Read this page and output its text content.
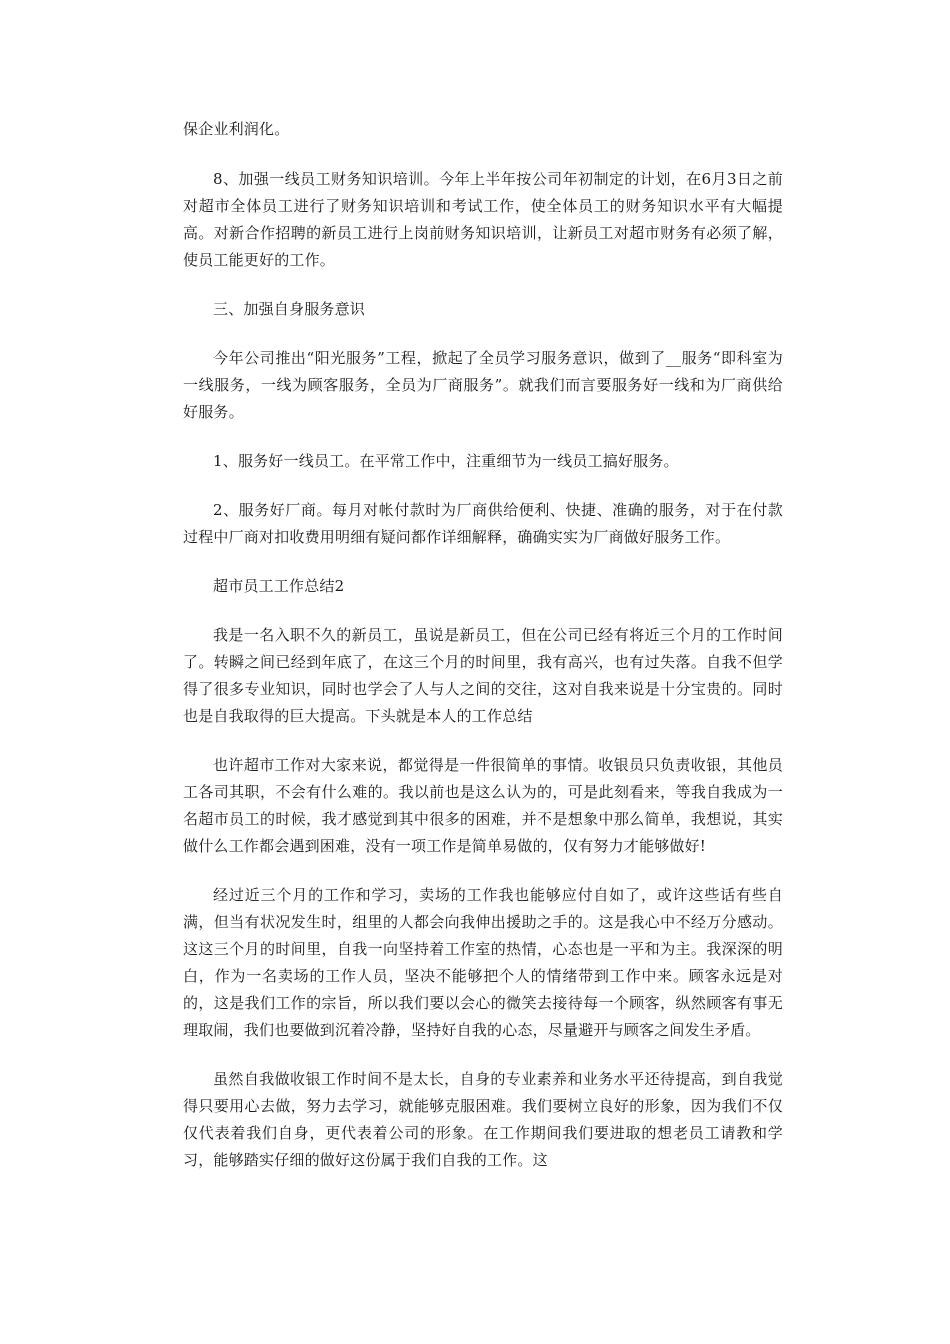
保企业利润化。

8、加强一线员工财务知识培训。今年上半年按公司年初制定的计划，在6月3日之前对超市全体员工进行了财务知识培训和考试工作，使全体员工的财务知识水平有大幅提高。对新合作招聘的新员工进行上岗前财务知识培训，让新员工对超市财务有必须了解，使员工能更好的工作。

三、加强自身服务意识

今年公司推出“阳光服务”工程，掀起了全员学习服务意识，做到了__服务“即科室为一线服务，一线为顾客服务，全员为厂商服务”。就我们而言要服务好一线和为厂商供给好服务。

1、服务好一线员工。在平常工作中，注重细节为一线员工搞好服务。

2、服务好厂商。每月对帐付款时为厂商供给便利、快捷、准确的服务，对于在付款过程中厂商对扣收费用明细有疑问都作详细解释，确确实实为厂商做好服务工作。

超市员工工作总结2

我是一名入职不久的新员工，虽说是新员工，但在公司已经有将近三个月的工作时间了。转瞬之间已经到年底了，在这三个月的时间里，我有高兴，也有过失落。自我不但学得了很多专业知识，同时也学会了人与人之间的交往，这对自我来说是十分宝贵的。同时也是自我取得的巨大提高。下头就是本人的工作总结

也许超市工作对大家来说，都觉得是一件很简单的事情。收银员只负责收银，其他员工各司其职，不会有什么难的。我以前也是这么认为的，可是此刻看来，等我自我成为一名超市员工的时候，我才感觉到其中很多的困难，并不是想象中那么简单，我想说，其实做什么工作都会遇到困难，没有一项工作是简单易做的，仅有努力才能够做好!

经过近三个月的工作和学习，卖场的工作我也能够应付自如了，或许这些话有些自满，但当有状况发生时，组里的人都会向我伸出援助之手的。这是我心中不经万分感动。这这三个月的时间里，自我一向坚持着工作室的热情，心态也是一平和为主。我深深的明白，作为一名卖场的工作人员，坚决不能够把个人的情绪带到工作中来。顾客永远是对的，这是我们工作的宗旨，所以我们要以会心的微笑去接待每一个顾客，纵然顾客有事无理取闹，我们也要做到沉着冷静，坚持好自我的心态，尽量避开与顾客之间发生矛盾。

虽然自我做收银工作时间不是太长，自身的专业素养和业务水平还待提高，到自我觉得只要用心去做，努力去学习，就能够克服困难。我们要树立良好的形象，因为我们不仅仅代表着我们自身，更代表着公司的形象。在工作期间我们要进取的想老员工请教和学习，能够踏实仔细的做好这份属于我们自我的工作。这
